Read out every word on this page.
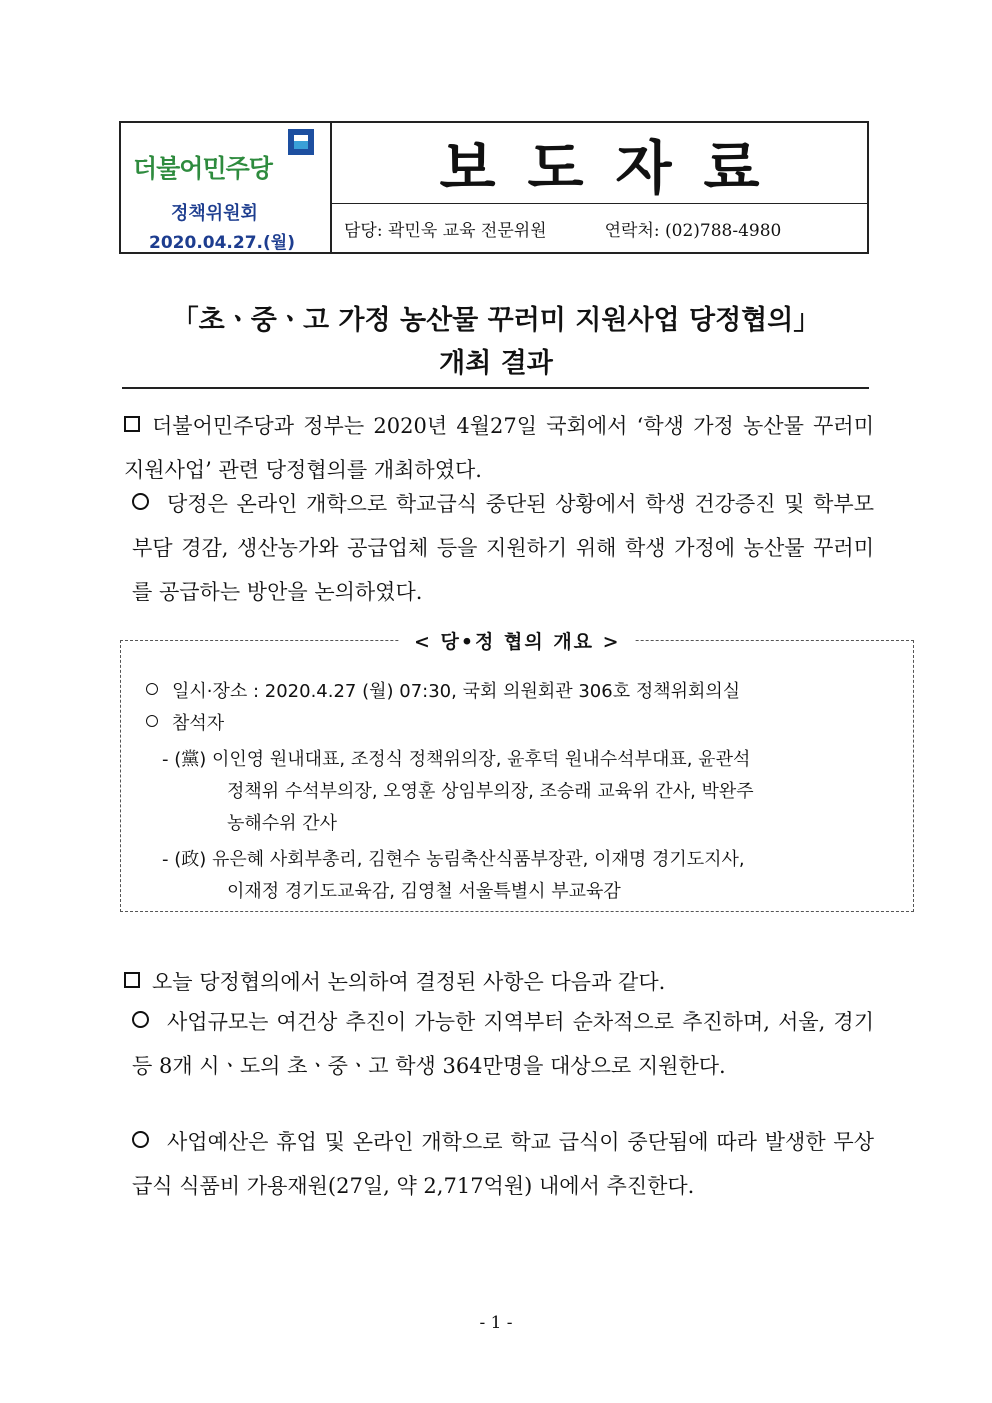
더불어민주당
정책위원회
2020.04.27.(월)
보도자료
담당: 곽민욱 교육 전문위원	연락처: (02)788-4980
「초ㆍ중ㆍ고 가정 농산물 꾸러미 지원사업 당정협의」
개최 결과
더불어민주당과 정부는 2020년 4월27일 국회에서 ‘학생 가정 농산물 꾸러미 지원사업’ 관련 당정협의를 개최하였다.
당정은 온라인 개학으로 학교급식 중단된 상황에서 학생 건강증진 및 학부모 부담 경감, 생산농가와 공급업체 등을 지원하기 위해 학생 가정에 농산물 꾸러미를 공급하는 방안을 논의하였다.
< 당•정 협의 개요 >
일시·장소 : 2020.4.27 (월) 07:30, 국회 의원회관 306호 정책위회의실
참석자
- (黨) 이인영 원내대표, 조정식 정책위의장, 윤후덕 원내수석부대표, 윤관석
정책위 수석부의장, 오영훈 상임부의장, 조승래 교육위 간사, 박완주
농해수위 간사
- (政) 유은혜 사회부총리, 김현수 농림축산식품부장관, 이재명 경기도지사,
이재정 경기도교육감, 김영철 서울특별시 부교육감
오늘 당정협의에서 논의하여 결정된 사항은 다음과 같다.
사업규모는 여건상 추진이 가능한 지역부터 순차적으로 추진하며, 서울, 경기 등 8개 시ㆍ도의 초ㆍ중ㆍ고 학생 364만명을 대상으로 지원한다.
사업예산은 휴업 및 온라인 개학으로 학교 급식이 중단됨에 따라 발생한 무상급식 식품비 가용재원(27일, 약 2,717억원) 내에서 추진한다.
- 1 -
